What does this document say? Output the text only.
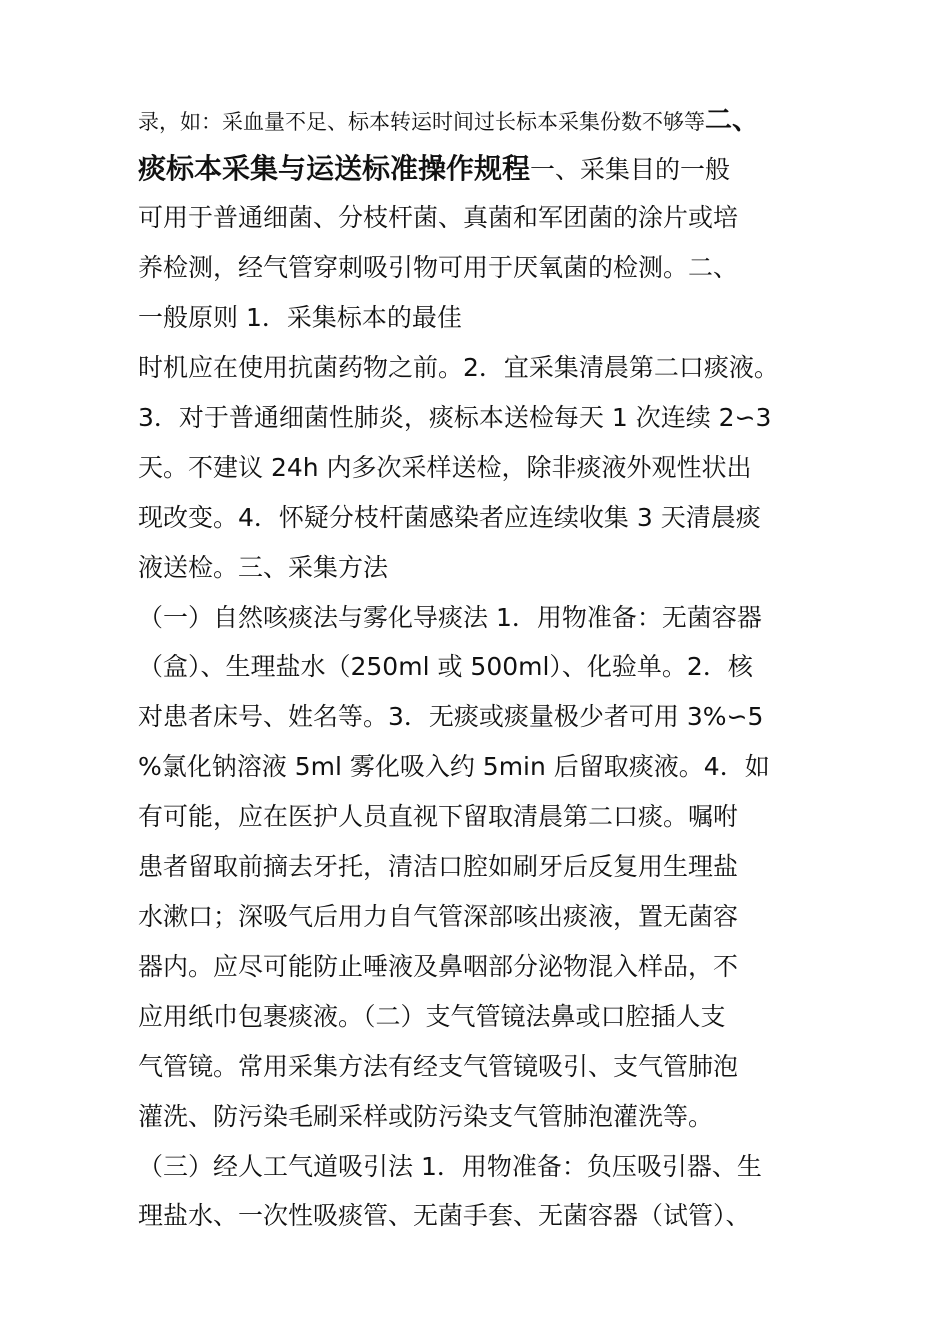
录，如：采血量不足、标本转运时间过长标本采集份数不够等二、
痰标本采集与运送标准操作规程一、采集目的一般
可用于普通细菌、分枝杆菌、真菌和军团菌的涂片或培
养检测，经气管穿刺吸引物可用于厌氧菌的检测。二、
一般原则 1．采集标本的最佳
时机应在使用抗菌药物之前。2．宜采集清晨第二口痰液。
3．对于普通细菌性肺炎，痰标本送检每天 1 次连续 2∽3
天。不建议 24h 内多次采样送检，除非痰液外观性状出
现改变。4．怀疑分枝杆菌感染者应连续收集 3 天清晨痰
液送检。三、采集方法
（一）自然咳痰法与雾化导痰法 1．用物准备：无菌容器
（盒）、生理盐水（250ml 或 500ml）、化验单。2．核
对患者床号、姓名等。3．无痰或痰量极少者可用 3%∽5
%氯化钠溶液 5ml 雾化吸入约 5min 后留取痰液。4．如
有可能，应在医护人员直视下留取清晨第二口痰。嘱咐
患者留取前摘去牙托，清洁口腔如刷牙后反复用生理盐
水漱口；深吸气后用力自气管深部咳出痰液，置无菌容
器内。应尽可能防止唾液及鼻咽部分泌物混入样品，不
应用纸巾包裹痰液。（二）支气管镜法鼻或口腔插人支
气管镜。常用采集方法有经支气管镜吸引、支气管肺泡
灌洗、防污染毛刷采样或防污染支气管肺泡灌洗等。
（三）经人工气道吸引法 1．用物准备：负压吸引器、生
理盐水、一次性吸痰管、无菌手套、无菌容器（试管）、
